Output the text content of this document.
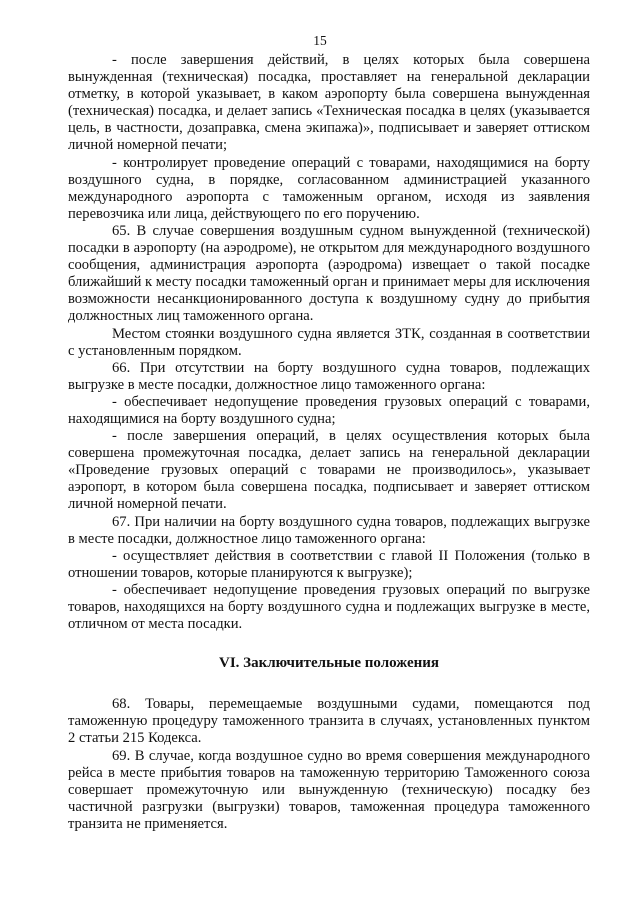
15

- после завершения действий, в целях которых была совершена вынужденная (техническая) посадка, проставляет на генеральной декларации отметку, в которой указывает, в каком аэропорту была совершена вынужденная (техническая) посадка, и делает запись «Техническая посадка в целях (указывается цель, в частности, дозаправка, смена экипажа)», подписывает и заверяет оттиском личной номерной печати;

- контролирует проведение операций с товарами, находящимися на борту воздушного судна, в порядке, согласованном администрацией указанного международного аэропорта с таможенным органом, исходя из заявления перевозчика или лица, действующего по его поручению.

65. В случае совершения воздушным судном вынужденной (технической) посадки в аэропорту (на аэродроме), не открытом для международного воздушного сообщения, администрация аэропорта (аэродрома) извещает о такой посадке ближайший к месту посадки таможенный орган и принимает меры для исключения возможности несанкционированного доступа к воздушному судну до прибытия должностных лиц таможенного органа.

Местом стоянки воздушного судна является ЗТК, созданная в соответствии с установленным порядком.

66. При отсутствии на борту воздушного судна товаров, подлежащих выгрузке в месте посадки, должностное лицо таможенного органа:

- обеспечивает недопущение проведения грузовых операций с товарами, находящимися на борту воздушного судна;

- после завершения операций, в целях осуществления которых была совершена промежуточная посадка, делает запись на генеральной декларации «Проведение грузовых операций с товарами не производилось», указывает аэропорт, в котором была совершена посадка, подписывает и заверяет оттиском личной номерной печати.

67. При наличии на борту воздушного судна товаров, подлежащих выгрузке в месте посадки, должностное лицо таможенного органа:

- осуществляет действия в соответствии с главой II Положения (только в отношении товаров, которые планируются к выгрузке);

- обеспечивает недопущение проведения грузовых операций по выгрузке товаров, находящихся на борту воздушного судна и подлежащих выгрузке в месте, отличном от места посадки.

VI. Заключительные положения

68. Товары, перемещаемые воздушными судами, помещаются под таможенную процедуру таможенного транзита в случаях, установленных пунктом 2 статьи 215 Кодекса.

69. В случае, когда воздушное судно во время совершения международного рейса в месте прибытия товаров на таможенную территорию Таможенного союза совершает промежуточную или вынужденную (техническую) посадку без частичной разгрузки (выгрузки) товаров, таможенная процедура таможенного транзита не применяется.
